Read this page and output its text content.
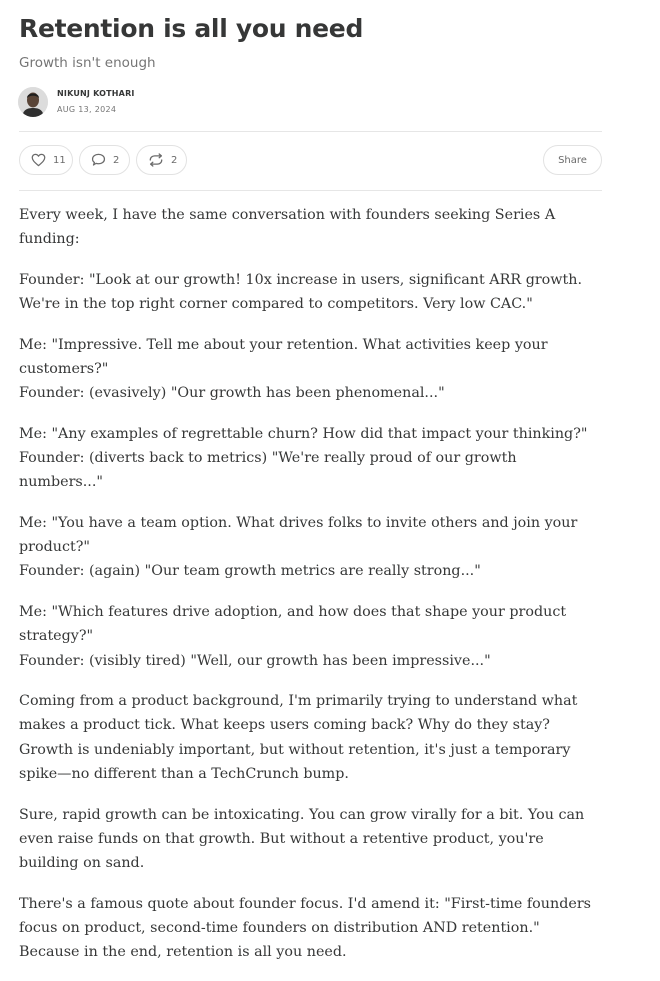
Retention is all you need
Growth isn't enough
NIKUNJ KOTHARI
AUG 13, 2024
11	2	2	Share

Every week, I have the same conversation with founders seeking Series A funding:

Founder: "Look at our growth! 10x increase in users, significant ARR growth. We're in the top right corner compared to competitors. Very low CAC."

Me: "Impressive. Tell me about your retention. What activities keep your customers?"
Founder: (evasively) "Our growth has been phenomenal..."

Me: "Any examples of regrettable churn? How did that impact your thinking?"
Founder: (diverts back to metrics) "We're really proud of our growth numbers..."

Me: "You have a team option. What drives folks to invite others and join your product?"
Founder: (again) "Our team growth metrics are really strong..."

Me: "Which features drive adoption, and how does that shape your product strategy?"
Founder: (visibly tired) "Well, our growth has been impressive..."

Coming from a product background, I'm primarily trying to understand what makes a product tick. What keeps users coming back? Why do they stay? Growth is undeniably important, but without retention, it's just a temporary spike—no different than a TechCrunch bump.

Sure, rapid growth can be intoxicating. You can grow virally for a bit. You can even raise funds on that growth. But without a retentive product, you're building on sand.

There's a famous quote about founder focus. I'd amend it: "First-time founders focus on product, second-time founders on distribution AND retention." Because in the end, retention is all you need.
